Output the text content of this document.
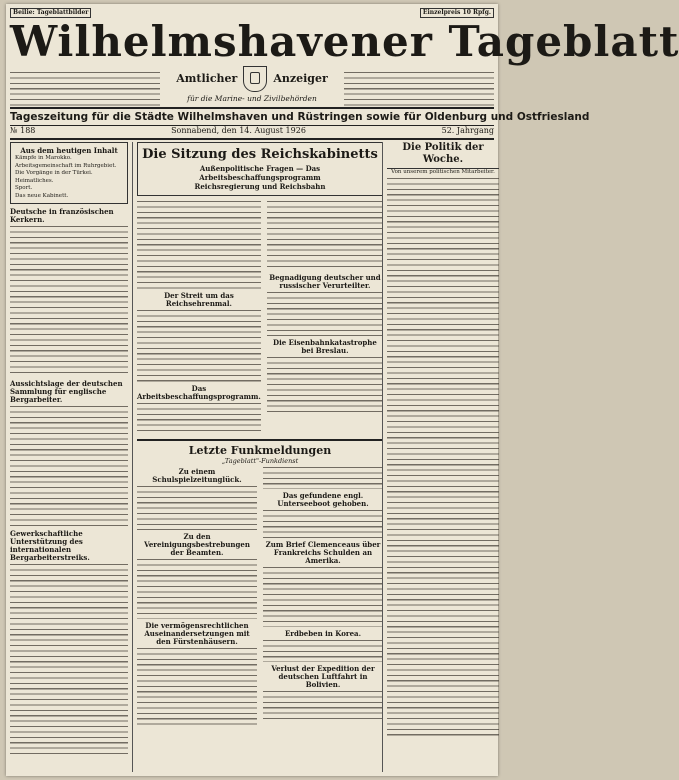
Beilie: Tageblattbilder	Einzelpreis 10 Rpfg.
Wilhelmshavener Tageblatt
Amtlicher	Anzeiger
für die Marine- und Zivilbehörden
Tageszeitung für die Städte Wilhelmshaven und Rüstringen sowie für Oldenburg und Ostfriesland
№ 188	Sonnabend, den 14. August 1926	52. Jahrgang
Aus dem heutigen Inhalt
Kämpfe in Marokko.
Arbeitsgemeinschaft im Ruhrgebiet.
Die Vorgänge in der Türkei.
Heimatliches.
Sport.
Das neue Kabinett.
Deutsche in französischen Kerkern.
Aussichtslage der deutschen Sammlung für englische Bergarbeiter.
Gewerkschaftliche Unterstützung des internationalen Bergarbeiterstreiks.
Die Sitzung des Reichskabinetts
Außenpolitische Fragen — Das Arbeitsbeschaffungsprogramm
Reichsregierung und Reichsbahn
Der Streit um das Reichsehrenmal.
Das Arbeitsbeschaffungsprogramm.
Begnadigung deutscher und russischer Verurteilter.
Die Eisenbahnkatastrophe bei Breslau.
Letzte Funkmeldungen
„Tageblatt"-Funkdienst
Zu einem Schulspielzeitunglück.
Zu den Vereinigungsbestrebungen der Beamten.
Die vermögensrechtlichen Auseinandersetzungen mit den Fürstenhäusern.
Das gefundene engl. Unterseeboot gehoben.
Zum Brief Clemenceaus über Frankreichs Schulden an Amerika.
Erdbeben in Korea.
Verlust der Expedition der deutschen Luftfahrt in Bolivien.
Die Politik der Woche.
Von unserem politischen Mitarbeiter.
